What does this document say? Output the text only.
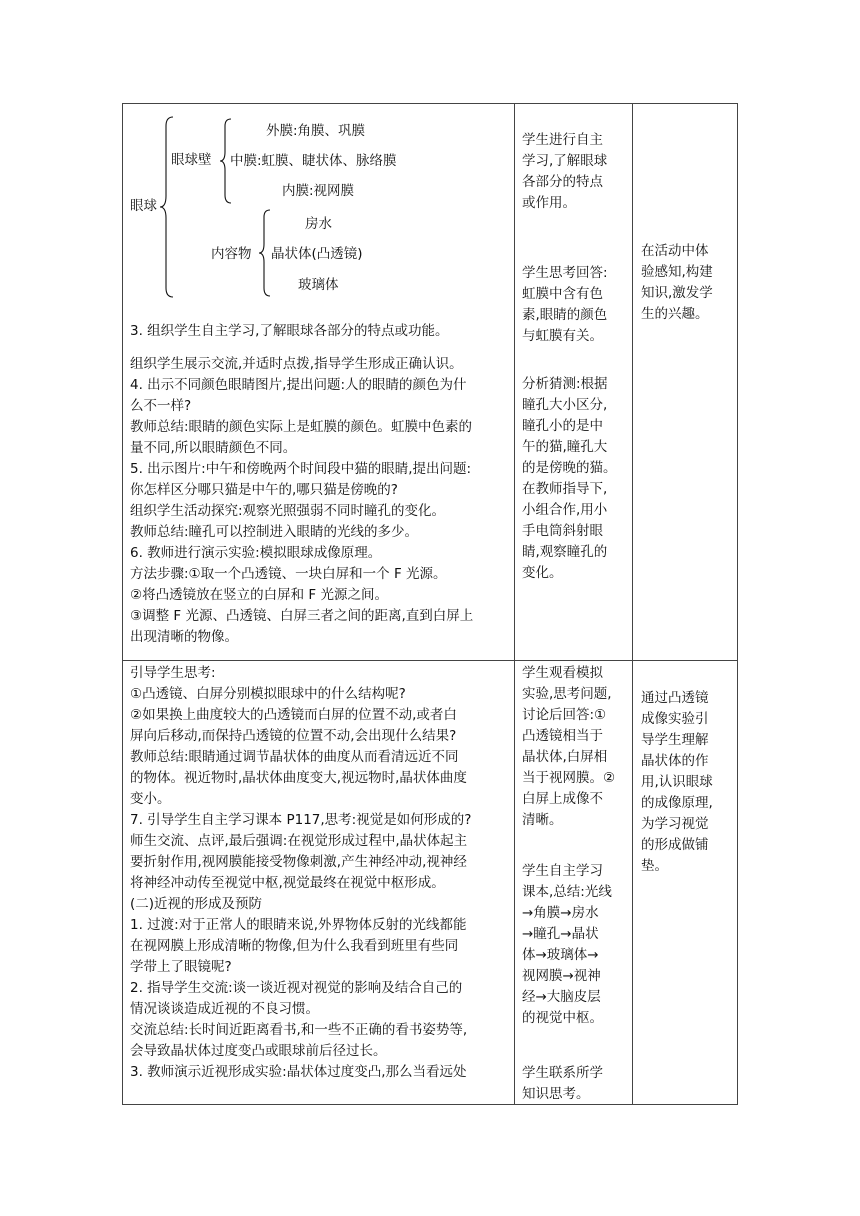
眼球
眼球壁
外膜:角膜、巩膜
中膜:虹膜、睫状体、脉络膜
内膜:视网膜
内容物
房水
晶状体(凸透镜)
玻璃体

3. 组织学生自主学习,了解眼球各部分的特点或功能。

组织学生展示交流,并适时点拨,指导学生形成正确认识。

4. 出示不同颜色眼睛图片,提出问题:人的眼睛的颜色为什

么不一样?

教师总结:眼睛的颜色实际上是虹膜的颜色。虹膜中色素的

量不同,所以眼睛颜色不同。

5. 出示图片:中午和傍晚两个时间段中猫的眼睛,提出问题:

你怎样区分哪只猫是中午的,哪只猫是傍晚的?

组织学生活动探究:观察光照强弱不同时瞳孔的变化。

教师总结:瞳孔可以控制进入眼睛的光线的多少。

6. 教师进行演示实验:模拟眼球成像原理。

方法步骤:①取一个凸透镜、一块白屏和一个 F 光源。

②将凸透镜放在竖立的白屏和 F 光源之间。

③调整 F 光源、凸透镜、白屏三者之间的距离,直到白屏上

出现清晰的物像。

学生进行自主

学习,了解眼球

各部分的特点

或作用。

学生思考回答:

虹膜中含有色

素,眼睛的颜色

与虹膜有关。

分析猜测:根据

瞳孔大小区分,

瞳孔小的是中

午的猫,瞳孔大

的是傍晚的猫。

在教师指导下,

小组合作,用小

手电筒斜射眼

睛,观察瞳孔的

变化。

在活动中体

验感知,构建

知识,激发学

生的兴趣。

引导学生思考:

①凸透镜、白屏分别模拟眼球中的什么结构呢?

②如果换上曲度较大的凸透镜而白屏的位置不动,或者白

屏向后移动,而保持凸透镜的位置不动,会出现什么结果?

教师总结:眼睛通过调节晶状体的曲度从而看清远近不同

的物体。视近物时,晶状体曲度变大,视远物时,晶状体曲度

变小。

7. 引导学生自主学习课本 P117,思考:视觉是如何形成的?

师生交流、点评,最后强调:在视觉形成过程中,晶状体起主

要折射作用,视网膜能接受物像刺激,产生神经冲动,视神经

将神经冲动传至视觉中枢,视觉最终在视觉中枢形成。

(二)近视的形成及预防

1. 过渡:对于正常人的眼睛来说,外界物体反射的光线都能

在视网膜上形成清晰的物像,但为什么我看到班里有些同

学带上了眼镜呢?

2. 指导学生交流:谈一谈近视对视觉的影响及结合自己的

情况谈谈造成近视的不良习惯。

交流总结:长时间近距离看书,和一些不正确的看书姿势等,

会导致晶状体过度变凸或眼球前后径过长。

3. 教师演示近视形成实验:晶状体过度变凸,那么当看远处

学生观看模拟

实验,思考问题,

讨论后回答:①

凸透镜相当于

晶状体,白屏相

当于视网膜。②

白屏上成像不

清晰。

学生自主学习

课本,总结:光线

→角膜→房水

→瞳孔→晶状

体→玻璃体→

视网膜→视神

经→大脑皮层

的视觉中枢。

学生联系所学

知识思考。

通过凸透镜

成像实验引

导学生理解

晶状体的作

用,认识眼球

的成像原理,

为学习视觉

的形成做铺

垫。
